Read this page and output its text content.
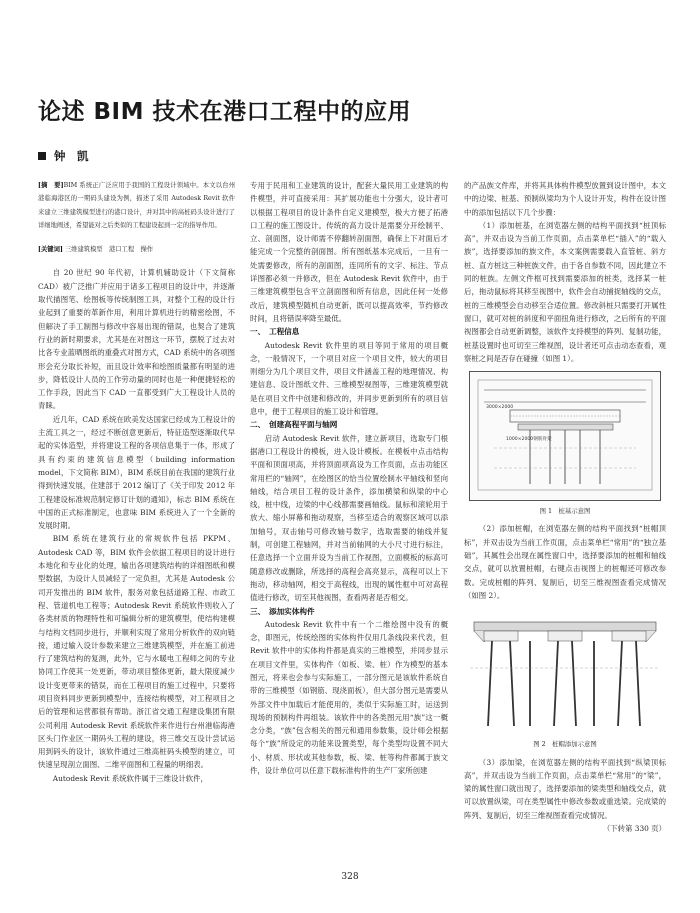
论述 BIM 技术在港口工程中的应用
钟　凯

[摘　要]BIM 系统正广泛应用于我国的工程设计领域中。本文以台州港临海港区的一期码头建设为例，描述了采用 Autodesk Revit 软件来建立三维建筑模型进行的港口设计，并对其中的高桩码头设计进行了详细地阐述，希望能对之后类似的工程建设起到一定的指导作用。

[关键词] 三维建筑模型　港口工程　操作

自 20 世纪 90 年代初，计算机辅助设计（下文简称 CAD）被广泛推广并应用于诸多工程项目的设计中，并逐渐取代描图笔、绘图板等传统制图工具，对整个工程的设计行业起到了重要的革新作用，利用计算机进行的精密绘图，不但解决了手工制图与修改中容易出现的错误，也契合了建筑行业的新时期要求，尤其是在对图这一环节，摆脱了过去对比各专业蓝晒图纸的重叠式对图方式，CAD 系统中的各项图形会充分取长补短，而且设计效率和绘图质量都有明显的进步，降低设计人员的工作劳动量的同时也是一种便捷轻松的工作手段，因此当下 CAD 一直都受到广大工程设计人员的青睐。

近几年，CAD 系统在欧美发达国家已经成为工程设计的主流工具之一，经过不断创意更新后，特征造型逐渐取代早起的实体造型，并将建设工程的各项信息集于一体，形成了具有约束的建筑信息模型（building information model，下文简称 BIM），BIM 系统目前在我国的建筑行业得到快速发展，住建部于 2012 编订了《关于印发 2012 年工程建设标准规范制定修订计划的通知》，标志 BIM 系统在中国的正式标准制定，也意味 BIM 系统进入了一个全新的发展时期。

BIM 系统在建筑行业的常规软件包括 PKPM、Autodesk CAD 等，BIM 软件会依据工程项目的设计进行本地化和专业化的处理，输出各项建筑结构的详细图纸和模型数据，为设计人员减轻了一定负担，尤其是 Autodesk 公司开发推出的 BIM 软件，服务对象包括道路工程、市政工程、管道机电工程等；Autodesk Revit 系统软件则收入了各类材质的物理特性和可编辑分析的建筑模型，使结构建模与结构文档同步进行，并顺利实现了常用分析软件的双向链接，通过输入设计参数来建立三维建筑模型，并在施工前进行了建筑结构的复测，此外，它与水暖电工程师之间的专业协同工作使其一处更新，带动项目整体更新，最大限度减少设计变更带来的错误，而在工程项目的施工过程中，只要将项目资料同步更新到模型中，连接结构模型，对工程项目之后的管理和运营都很有帮助。浙江省交通工程建设集团有限公司利用 Autodesk Revit 系统软件来作进行台州港临海港区头门作业区一期码头工程的建设，将三维交互设计尝试运用到码头的设计，该软件通过三维高桩码头模型的建立，可快速呈现剖立面图、二维平面图和工程量的明细表。

Autodesk Revit 系统软件属于三维设计软件，

专用于民用和工业建筑的设计，配套大量民用工业建筑的构件模型，并可直接采用：其扩展功能也十分强大，设计者可以根据工程项目的设计条件自定义建模型，极大方便了拓港口工程的施工图设计。传统的高力设计是需要分开绘制平、立、剖面图，设计师需不停翻转剖面图，确保上下对面后才能完成一个完整的剖面图。所有图纸基本完成后，一旦有一处需要修改，所有的剖面图，连同所有的文字、标注、节点详图都必须一并修改，但在 Autodesk Revit 软件中，由于三维建筑模型包含平立剖面图和所有信息，因此任何一处修改后，建筑模型随机自动更新，既可以提高效率，节约修改时间，且将错误率降至最低。

一、　工程信息

Autodesk Revit 软件里的项目等同于常用的项目概念，一般情况下，一个项目对应一个项目文件，较大的项目则细分为几个项目文件，项目文件涵盖工程的地理情况、构建信息、设计图纸文件、三维模型视图等，三维建筑模型就是在项目文件中创建和修改的，并同步更新到所有的项目信息中，便于工程项目的施工设计和管理。

二、　创建高程平面与轴网

启动 Autodesk Revit 软件，建立新项目，选取专门根据港口工程设计的模板，进入设计模板。在模板中点击结构平面和顶面项高，并将顶面项高设为工作页面，点击功能区常用栏的“轴网”，在绘图区的恰当位置绘制水平轴线和竖向轴线，结合项目工程的设计条件，添加横梁和纵梁的中心线，桩中线，边梁的中心线都需要画轴线。鼠标和滚轮用于放大、缩小屏幕和拖动观察，当移至适合的观察区域可以添加轴号，双击轴号可修改轴号数字，选取需要的轴线并复制，可创建工程轴网，并对当前轴网的大小尺寸进行标注，任意选择一个立面并设为当前工作视图，立面模板的标高可随意修改或删除，所选择的高程会高亮显示，高程可以上下拖动，移动轴网，相交于高程线，出现的属性框中可对高程值进行修改，切至其他视图，查看两者是否相交。

三、　添加实体构件

Autodesk Revit 软件中有一个二维绘图中没有的概念，即图元，传统绘图的实体构件仅用几条线段来代表，但 Revit 软件中的实体构件都是真实的三维模型，并同步显示在项目文件里，实体构件（如板、梁、桩）作为模型的基本图元，将来也会参与实际施工，一部分图元是该软件系统自带的三维模型（如钢筋、现浇面板），但大部分图元是需要从外部文件中加载后才能使用的，类似于实际施工时，运送到现场的预制构件再组装。该软件中的各类图元用“族”这一概念分类，“族”包含相关的图元和通用参数集，设计师会根据每个“族”所设定的功能来设置类型，每个类型均设置不同大小、材质、形状或其他参数，板、梁、桩等构件都属于族文件，设计单位可以任意下载标准构件的生产厂家所创建

的产品族文件库，并将其具体构件模型放置到设计图中，本文中的边梁、桩基、预制纵梁均为个人设计开发，构件在设计图中的添加包括以下几个步骤：

（1）添加桩基，在浏览器左侧的结构平面找到“桩顶标高”，并双击设为当前工作页面，点击菜单栏“插入”的“载入族”，选择要添加的族文件，本文案例需要载入直管桩、斜方桩、直方桩这三种桩族文件，由于各自参数不同，因此建立不同的桩族。左侧文件框可找到需要添加的桩类，选择某一桩后，拖动鼠标将其移至视图中，软件会自动捕捉轴线的交点，桩的三维模型会自动移至合适位置。修改斜桩只需要打开属性窗口，就可对桩的斜度和平面扭角进行修改，之后所有的平面视图都会自动更新调整，该软件支持模型的阵列、复制功能，桩基设置时也可切至三维视图，设计者还可点击动态查看，观察桩之间是否存在碰撞（如图 1）。

3000×2000
1000×2000钢筋骨架

图 1　桩基示意图

（2）添加桩帽，在浏览器左侧的结构平面找到“桩帽顶标”，并双击设为当前工作页面，点击菜单栏“常用”的“独立基础”，其属性会出现在属性窗口中，选择要添加的桩帽和轴线交点，就可以放置桩帽，右键点击视图上的桩帽还可修改参数。完成桩帽的阵列、复制后，切至三维视图查看完成情况（如图 2）。

图 2　桩帽添加示意图

（3）添加梁，在浏览器左侧的结构平面找到“纵梁顶标高”，并双击设为当前工作页面，点击菜单栏“常用”的“梁”，梁的属性窗口就出现了，选择要添加的梁类型和轴线交点，就可以放置纵梁，可在类型属性中修改参数或重选梁。完成梁的阵列、复制后，切至三维视图查看完成情况。

（下转第 330 页）

328
